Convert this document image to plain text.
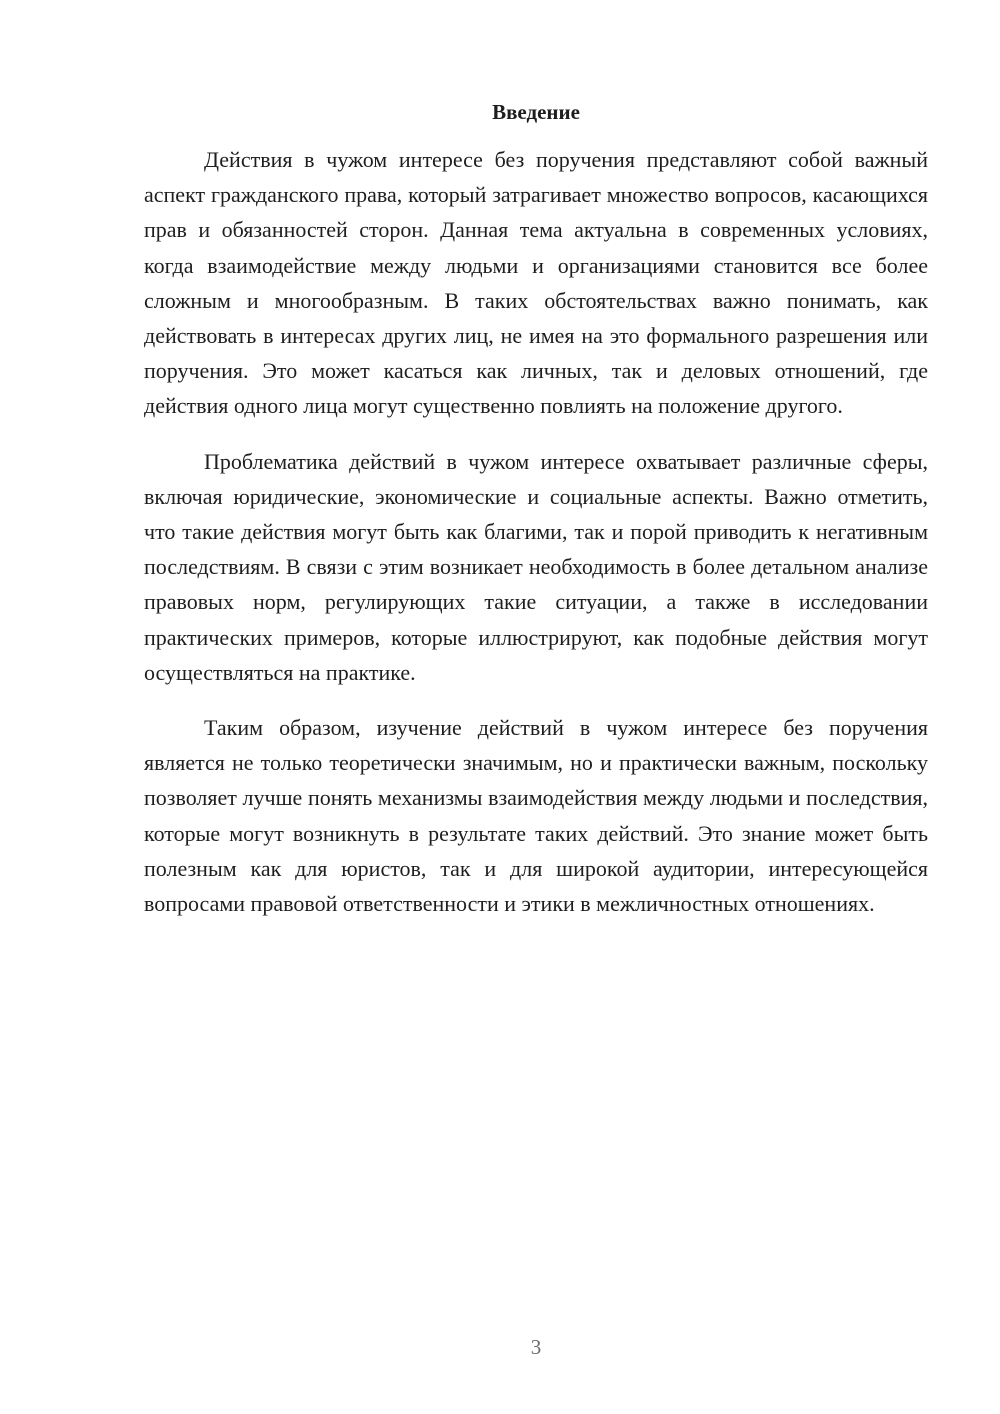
Введение

Действия в чужом интересе без поручения представляют собой важный аспект гражданского права, который затрагивает множество вопросов, касающихся прав и обязанностей сторон. Данная тема актуальна в современных условиях, когда взаимодействие между людьми и организациями становится все более сложным и многообразным. В таких обстоятельствах важно понимать, как действовать в интересах других лиц, не имея на это формального разрешения или поручения. Это может касаться как личных, так и деловых отношений, где действия одного лица могут существенно повлиять на положение другого.

Проблематика действий в чужом интересе охватывает различные сферы, включая юридические, экономические и социальные аспекты. Важно отметить, что такие действия могут быть как благими, так и порой приводить к негативным последствиям. В связи с этим возникает необходимость в более детальном анализе правовых норм, регулирующих такие ситуации, а также в исследовании практических примеров, которые иллюстрируют, как подобные действия могут осуществляться на практике.

Таким образом, изучение действий в чужом интересе без поручения является не только теоретически значимым, но и практически важным, поскольку позволяет лучше понять механизмы взаимодействия между людьми и последствия, которые могут возникнуть в результате таких действий. Это знание может быть полезным как для юристов, так и для широкой аудитории, интересующейся вопросами правовой ответственности и этики в межличностных отношениях.

3
